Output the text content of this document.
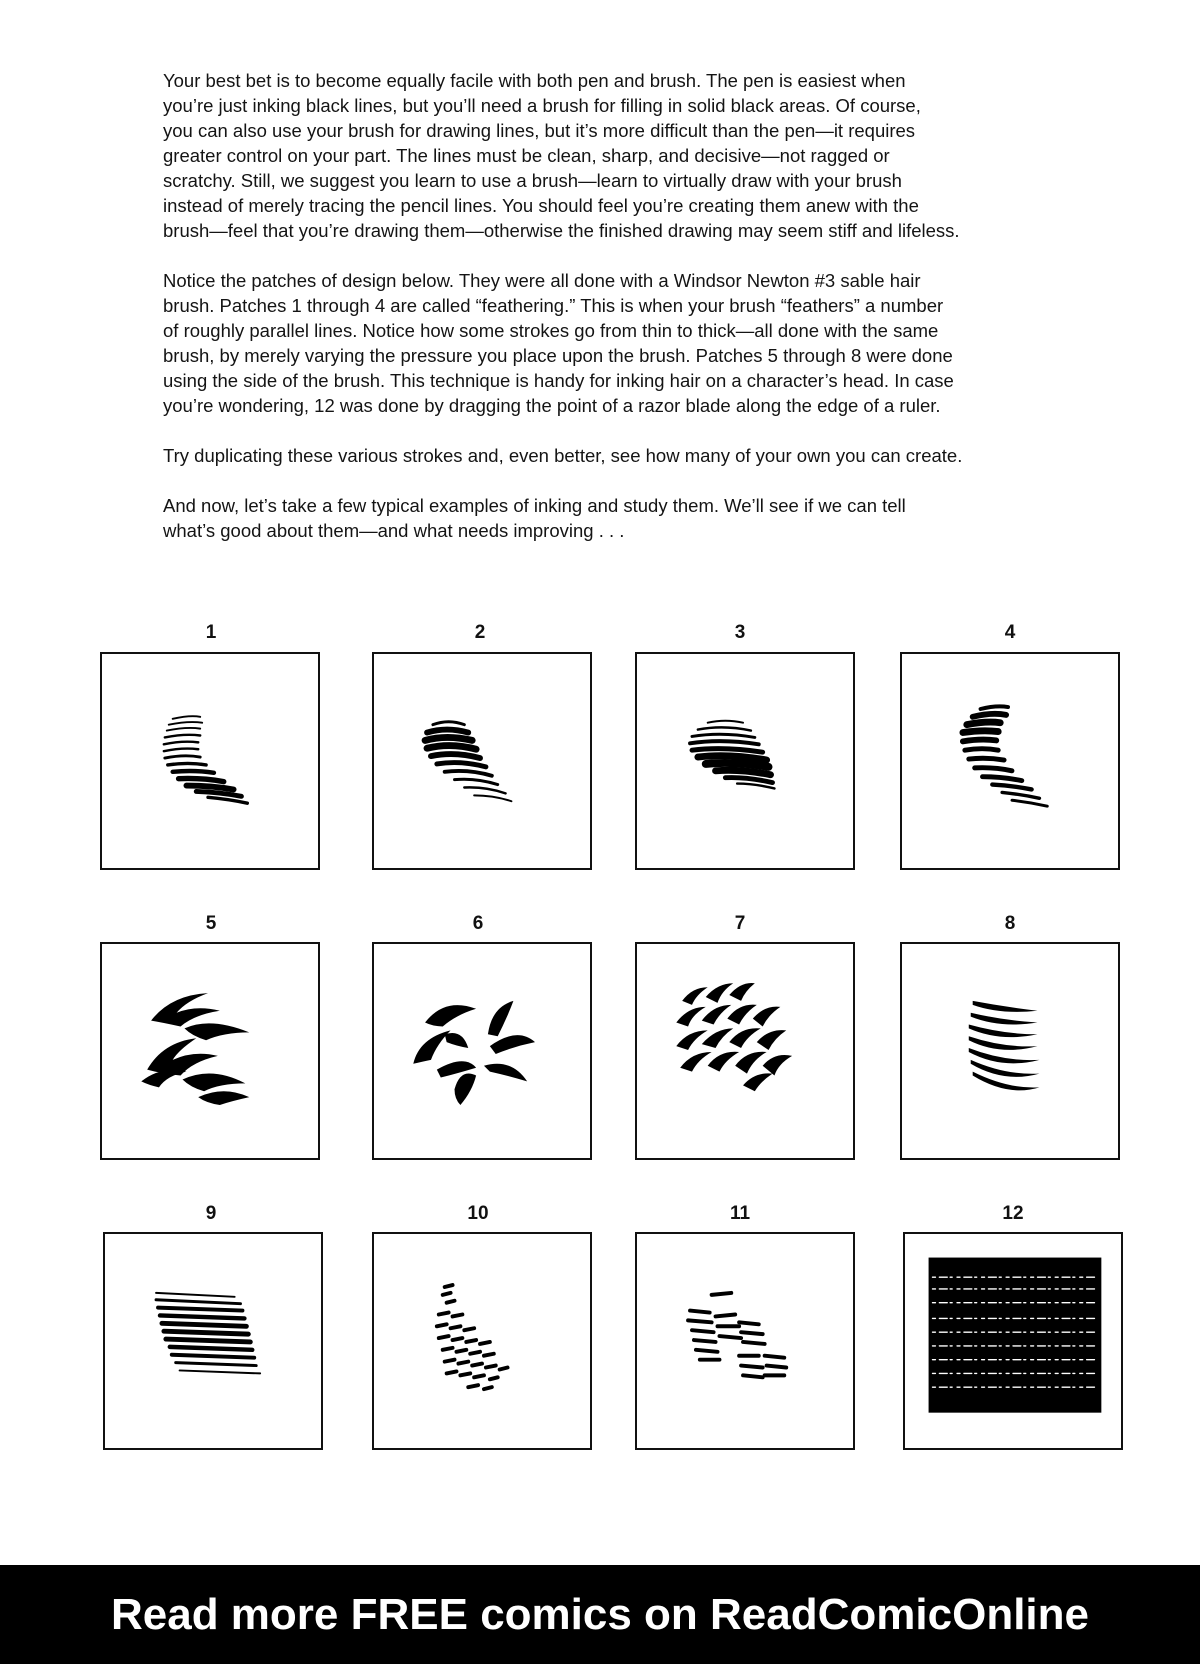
Your best bet is to become equally facile with both pen and brush. The pen is easiest when
you’re just inking black lines, but you’ll need a brush for filling in solid black areas. Of course,
you can also use your brush for drawing lines, but it’s more difficult than the pen—it requires
greater control on your part. The lines must be clean, sharp, and decisive—not ragged or
scratchy. Still, we suggest you learn to use a brush—learn to virtually draw with your brush
instead of merely tracing the pencil lines. You should feel you’re creating them anew with the
brush—feel that you’re drawing them—otherwise the finished drawing may seem stiff and lifeless.

Notice the patches of design below. They were all done with a Windsor Newton #3 sable hair
brush. Patches 1 through 4 are called “feathering.” This is when your brush “feathers” a number
of roughly parallel lines. Notice how some strokes go from thin to thick—all done with the same
brush, by merely varying the pressure you place upon the brush. Patches 5 through 8 were done
using the side of the brush. This technique is handy for inking hair on a character’s head. In case
you’re wondering, 12 was done by dragging the point of a razor blade along the edge of a ruler.

Try duplicating these various strokes and, even better, see how many of your own you can create.

And now, let’s take a few typical examples of inking and study them. We’ll see if we can tell
what’s good about them—and what needs improving . . .

1	2	3	4
5	6	7	8
9	10	11	12
Read more FREE comics on ReadComicOnline
